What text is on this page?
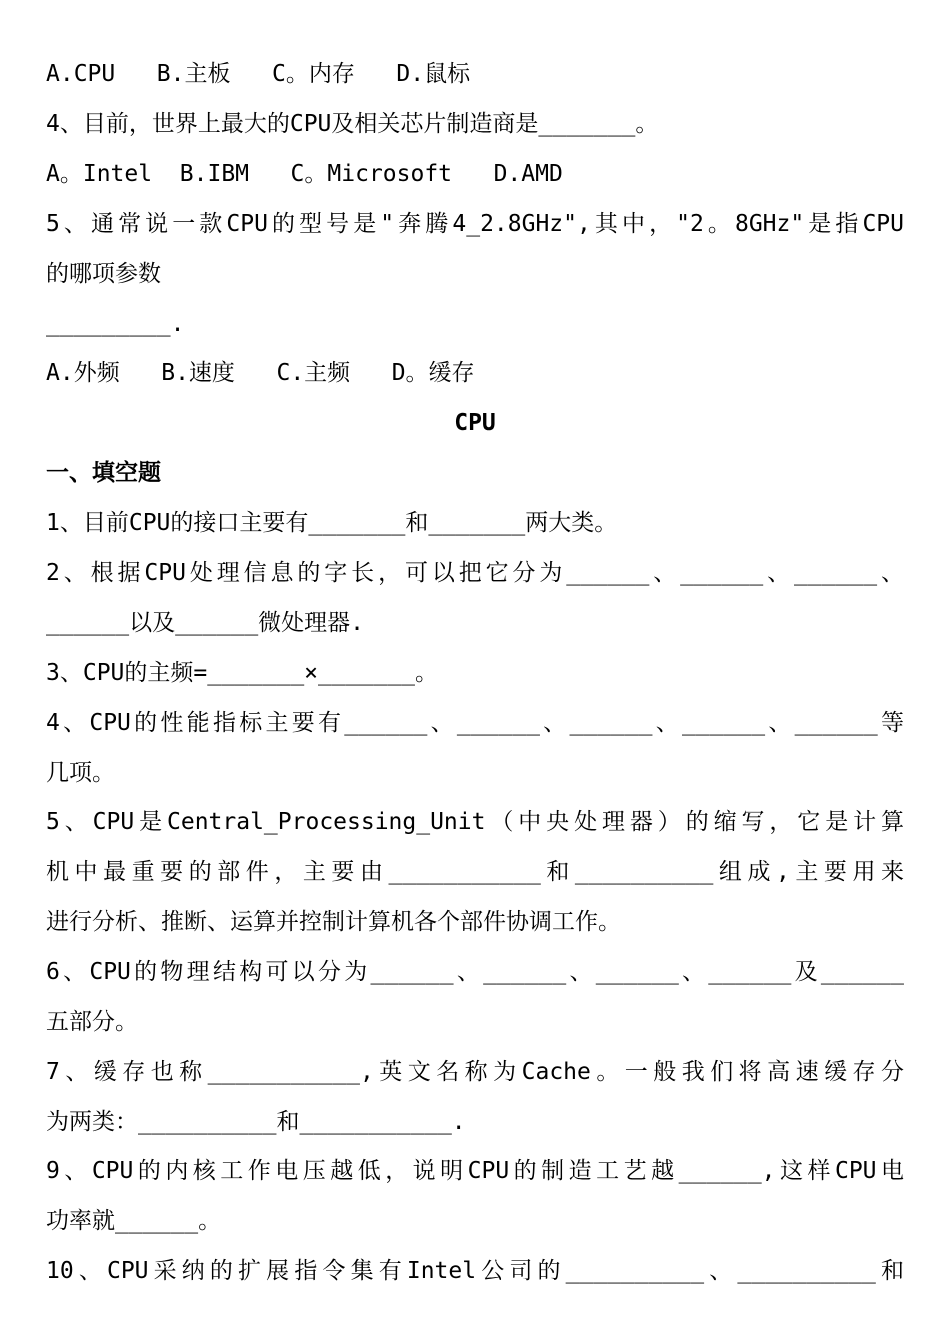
A.CPU   B.主板   C。内存   D.鼠标

4、目前，世界上最大的CPU及相关芯片制造商是_______。

A。Intel  B.IBM   C。Microsoft   D.AMD

5、通常说一款CPU的型号是"奔腾4_2.8GHz",其中，"2。8GHz"是指CPU

的哪项参数

_________.

A.外频   B.速度   C.主频   D。缓存

CPU

一、填空题

1、目前CPU的接口主要有_______和_______两大类。

2、根据CPU处理信息的字长，可以把它分为______、______、______、

______以及______微处理器.

3、CPU的主频=_______×_______。

4、CPU的性能指标主要有______、______、______、______、______等

几项。

5、CPU是Central_Processing_Unit（中央处理器）的缩写，它是计算

机中最重要的部件，主要由___________和__________组成,主要用来

进行分析、推断、运算并控制计算机各个部件协调工作。

6、CPU的物理结构可以分为______、______、______、______及______

五部分。

7、缓存也称___________,英文名称为Cache。一般我们将高速缓存分

为两类：__________和___________.

9、CPU的内核工作电压越低，说明CPU的制造工艺越______,这样CPU电

功率就______。

10、CPU采纳的扩展指令集有Intel公司的__________、__________和
